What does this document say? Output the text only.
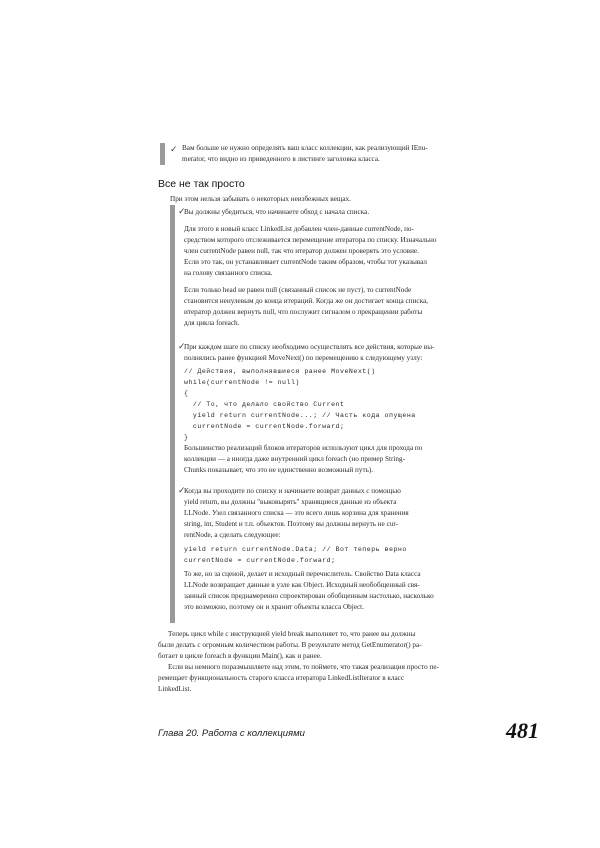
✓ Вам больше не нужно определять ваш класс коллекции, как реализующий IEnu-

merator, что видно из приведенного в листинге заголовка класса.

Все не так просто
При этом нельзя забывать о некоторых неизбежных вещах.
✓

Вы должны убедиться, что начинаете обход с начала списка.

Для этого в новый класс LinkedList добавлен член-данные currentNode, по-

средством которого отслеживается перемещение итератора по списку. Изначально

член currentNode равен null, так что итератор должен проверять это условие.

Если это так, он устанавливает currentNode таким образом, чтобы тот указывал

на голову связанного списка.

Если только head не равен null (связанный список не пуст), то currentNode

становится ненулевым до конца итераций. Когда же он достигает конца списка,

итератор должен вернуть null, что послужит сигналом о прекращении работы

для цикла foreach.

✓

При каждом шаге по списку необходимо осуществлять все действия, которые вы-

полнялись ранее функцией MoveNext() по перемещению к следующему узлу:

// Действия, выполнявшиеся ранее MoveNext()

while(currentNode != null)

{

// То, что делало свойство Current

yield return currentNode...; // Часть кода опущена

currentNode = currentNode.forward;

}

Большинство реализаций блоков итераторов используют цикл для прохода по

коллекции — а иногда даже внутренний цикл foreach (но пример String-

Chunks показывает, что это не единственно возможный путь).

✓

Когда вы проходите по списку и начинаете возврат данных с помощью

yield return, вы должны "выковырять" хранящиеся данные из объекта

LLNode. Узел связанного списка — это всего лишь корзина для хранения

string, int, Student и т.п. объектов. Поэтому вы должны вернуть не cur-

rentNode, а сделать следующее:

yield return currentNode.Data; // Вот теперь верно

currentNode = currentNode.forward;

То же, но за сценой, делает и исходный перечислитель. Свойство Data класса

LLNode возвращает данные в узле как Object. Исходный необобщенный свя-

занный список преднамеренно спроектирован обобщенным настолько, насколько

это возможно, поэтому он и хранит объекты класса Object.

Теперь цикл while с инструкцией yield break выполняет то, что ранее вы должны

были делать с огромным количеством работы. В результате метод GetEnumerator() ра-

ботает в цикле foreach в функции Main(), как и ранее.

Если вы немного поразмышляете над этим, то поймете, что такая реализация просто пе-

ремещает функциональность старого класса итератора LinkedListIterator в класс

LinkedList.

Глава 20. Работа с коллекциями	481
